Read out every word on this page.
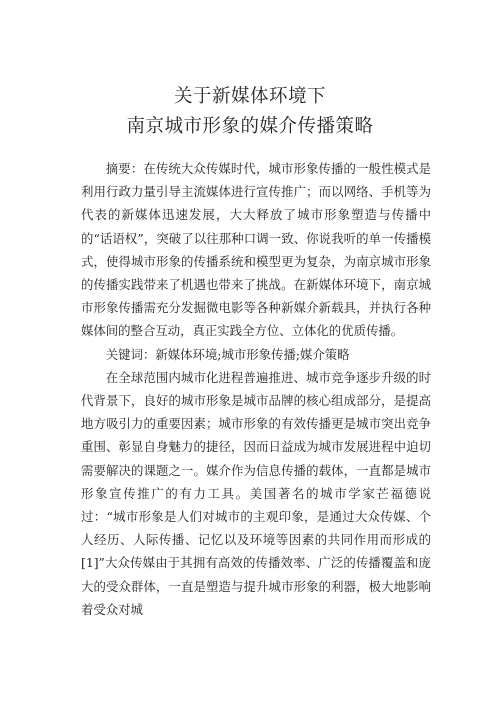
关于新媒体环境下
南京城市形象的媒介传播策略

摘要：在传统大众传媒时代，城市形象传播的一般性模式是利用行政力量引导主流媒体进行宣传推广；而以网络、手机等为代表的新媒体迅速发展，大大释放了城市形象塑造与传播中的“话语权”，突破了以往那种口调一致、你说我听的单一传播模式，使得城市形象的传播系统和模型更为复杂，为南京城市形象的传播实践带来了机遇也带来了挑战。在新媒体环境下，南京城市形象传播需充分发掘微电影等各种新媒介新载具，并执行各种媒体间的整合互动，真正实践全方位、立体化的优质传播。

关键词：新媒体环境;城市形象传播;媒介策略

在全球范围内城市化进程普遍推进、城市竞争逐步升级的时代背景下，良好的城市形象是城市品牌的核心组成部分，是提高地方吸引力的重要因素；城市形象的有效传播更是城市突出竞争重围、彰显自身魅力的捷径，因而日益成为城市发展进程中迫切需要解决的课题之一。媒介作为信息传播的载体，一直都是城市形象宣传推广的有力工具。美国著名的城市学家芒福德说过：“城市形象是人们对城市的主观印象，是通过大众传媒、个人经历、人际传播、记忆以及环境等因素的共同作用而形成的[1]”大众传媒由于其拥有高效的传播效率、广泛的传播覆盖和庞大的受众群体，一直是塑造与提升城市形象的利器，极大地影响着受众对城
